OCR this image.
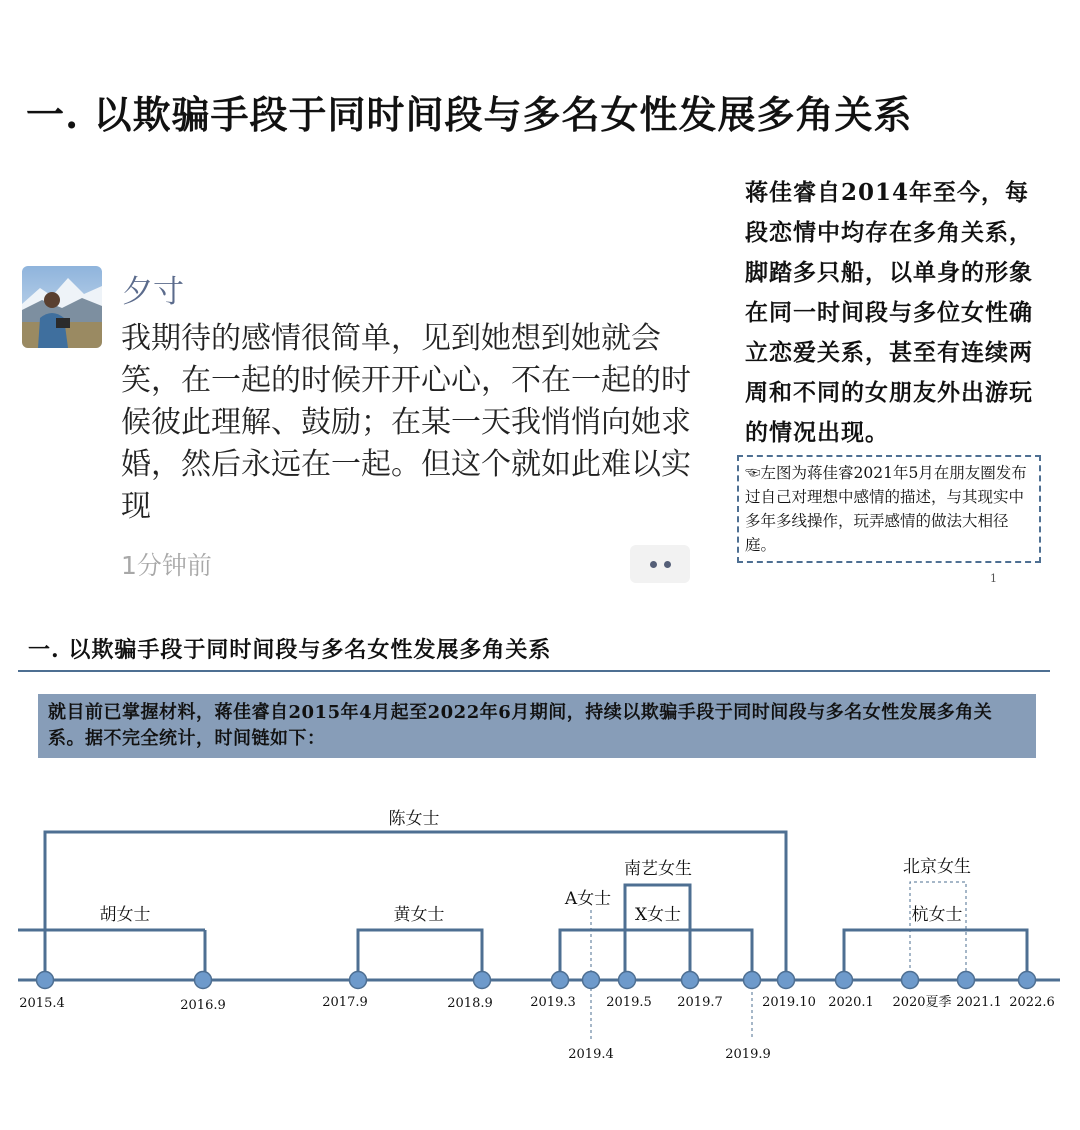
一. 以欺骗手段于同时间段与多名女性发展多角关系
夕寸
我期待的感情很简单，见到她想到她就会笑，在一起的时候开开心心，不在一起的时候彼此理解、鼓励；在某一天我悄悄向她求婚，然后永远在一起。但这个就如此难以实现
1分钟前
蒋佳睿自2014年至今，每段恋情中均存在多角关系，脚踏多只船，以单身的形象在同一时间段与多位女性确立恋爱关系，甚至有连续两周和不同的女朋友外出游玩的情况出现。
☜左图为蒋佳睿2021年5月在朋友圈发布过自己对理想中感情的描述，与其现实中多年多线操作，玩弄感情的做法大相径庭。
1
一. 以欺骗手段于同时间段与多名女性发展多角关系
就目前已掌握材料，蒋佳睿自2015年4月起至2022年6月期间，持续以欺骗手段于同时间段与多名女性发展多角关系。据不完全统计，时间链如下：
2015.4	2016.9	2017.9	2018.9	2019.3
2019.4
2019.5 2019.7
2019.9
2019.10 2020.1 2020夏季 2021.1 2022.6
陈女士
胡女士	黄女士
A女士
南艺女生
X女士
北京女生
杭女士
